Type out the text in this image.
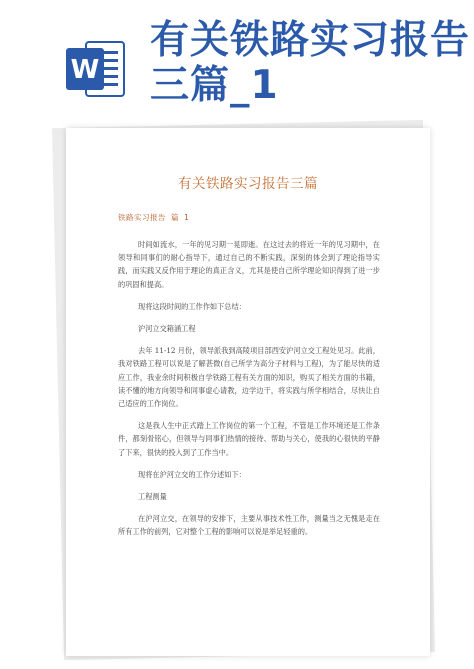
W
有关铁路实习报告三篇_1
有关铁路实习报告三篇
铁路实习报告 篇 1

时间如流水，一年的见习期一晃即逝。在这过去的将近一年的见习期中，在领导和同事们的耐心指导下，通过自己的不断实践，深刻的体会到了理论指导实践，而实践又反作用于理论的真正含义，尤其是使自己所学理论知识得到了进一步的巩固和提高。

现将这段时间的工作作如下总结：

沪河立交箱涵工程

去年 11-12 月份，领导派我到高陵项目部西安沪河立交工程处见习。此前，我对铁路工程可以说是了解甚微(自己所学为高分子材料与工程)，为了能尽快的适应工作，我业余时间积极自学铁路工程有关方面的知识，购买了相关方面的书籍，读不懂的地方向领导和同事虚心请教，边学边干，将实践与所学相结合，尽快让自己适应的工作岗位。

这是我人生中正式踏上工作岗位的第一个工程，不管是工作环境还是工作条件，都刻骨铭心，但领导与同事们热情的接待、帮助与关心，使我的心很快的平静了下来，很快的投入到了工作当中。

现将在沪河立交的工作分述如下：

工程测量

在沪河立交，在领导的安排下，主要从事技术性工作，测量当之无愧是走在所有工作的前列，它对整个工程的影响可以说是举足轻重的。
